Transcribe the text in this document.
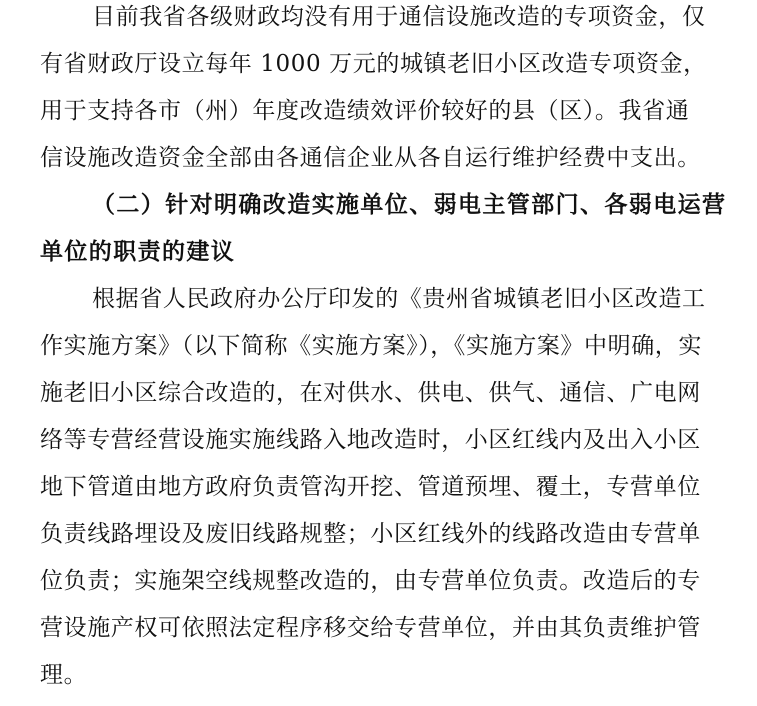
目前我省各级财政均没有用于通信设施改造的专项资金，仅
有省财政厅设立每年 1000 万元的城镇老旧小区改造专项资金，
用于支持各市（州）年度改造绩效评价较好的县（区）。我省通
信设施改造资金全部由各通信企业从各自运行维护经费中支出。
（二）针对明确改造实施单位、弱电主管部门、各弱电运营
单位的职责的建议
根据省人民政府办公厅印发的《贵州省城镇老旧小区改造工
作实施方案》（以下简称《实施方案》），《实施方案》中明确，实
施老旧小区综合改造的，在对供水、供电、供气、通信、广电网
络等专营经营设施实施线路入地改造时，小区红线内及出入小区
地下管道由地方政府负责管沟开挖、管道预埋、覆土，专营单位
负责线路埋设及废旧线路规整；小区红线外的线路改造由专营单
位负责；实施架空线规整改造的，由专营单位负责。改造后的专
营设施产权可依照法定程序移交给专营单位，并由其负责维护管
理。
